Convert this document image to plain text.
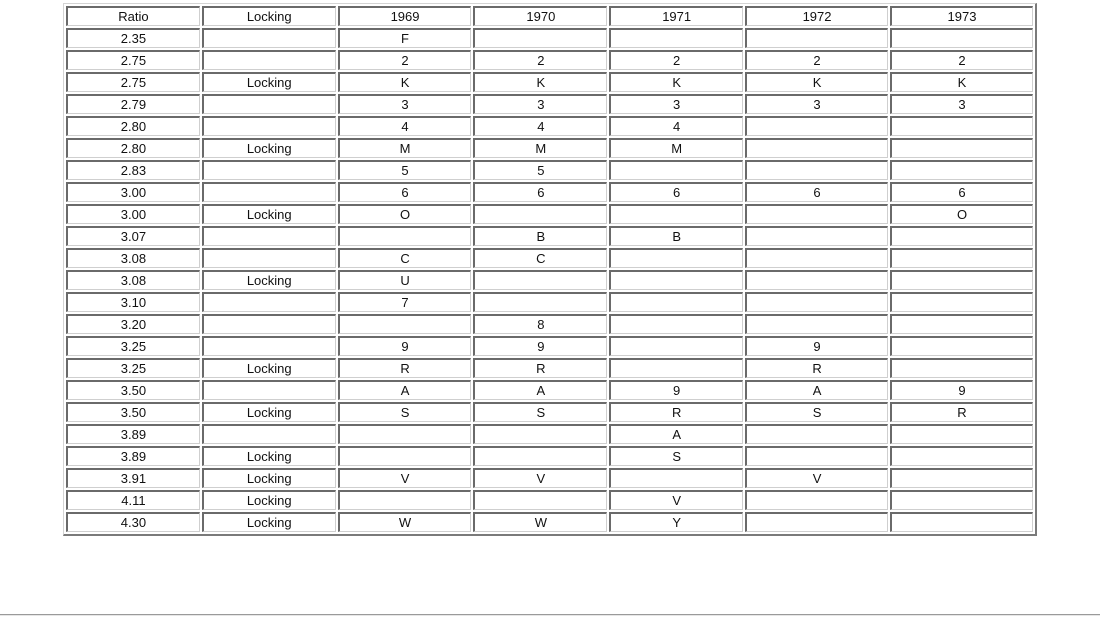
Ratio	Locking	1969	1970	1971	1972	1973
2.35		F				
2.75		2	2	2	2	2
2.75	Locking	K	K	K	K	K
2.79		3	3	3	3	3
2.80		4	4	4		
2.80	Locking	M	M	M		
2.83		5	5			
3.00		6	6	6	6	6
3.00	Locking	O				O
3.07			B	B		
3.08		C	C			
3.08	Locking	U				
3.10		7				
3.20			8			
3.25		9	9		9	
3.25	Locking	R	R		R	
3.50		A	A	9	A	9
3.50	Locking	S	S	R	S	R
3.89				A		
3.89	Locking			S		
3.91	Locking	V	V		V	
4.11	Locking			V		
4.30	Locking	W	W	Y		
